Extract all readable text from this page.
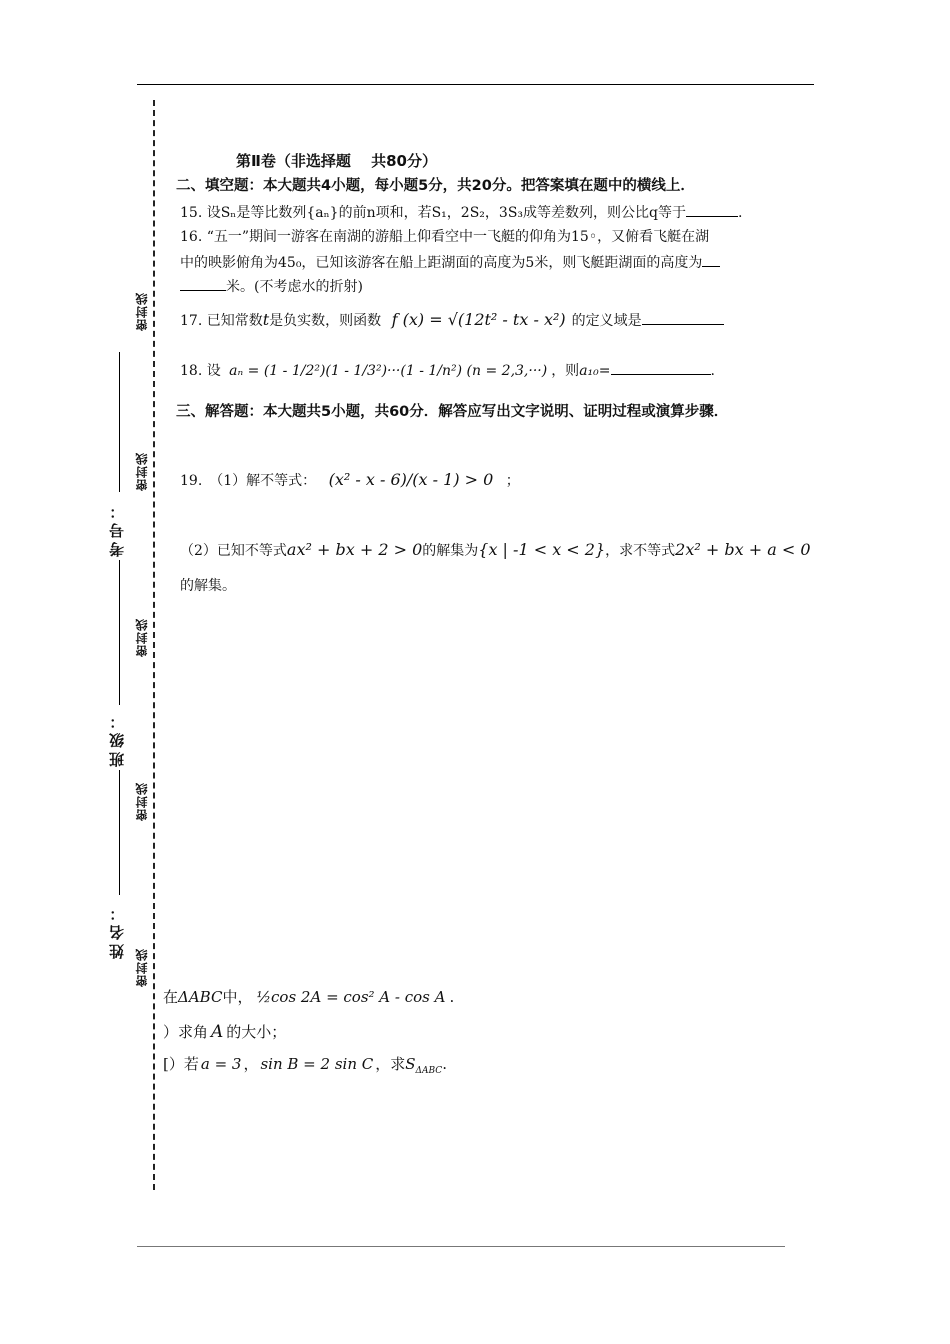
密封线
密封线
密封线
密封线
密封线
考号：
班级：
姓名：
第Ⅱ卷（非选择题　 共80分）
二、填空题：本大题共4小题，每小题5分，共20分。把答案填在题中的横线上．
15. 设Sₙ是等比数列{aₙ}的前n项和，若S₁，2S₂，3S₃成等差数列，则公比q等于	.
16. “五一”期间一游客在南湖的游船上仰看空中一飞艇的仰角为15◦，又俯看飞艇在湖
中的映影俯角为45₀，已知该游客在船上距湖面的高度为5米，则飞艇距湖面的高度为
米。(不考虑水的折射)
17. 已知常数t是负实数，则函数 f (x) = √(12t² - tx - x²) 的定义域是
18. 设 aₙ = (1 - 1/2²)(1 - 1/3²)···(1 - 1/n²) (n = 2,3,···) ，则a₁₀=	.
三、解答题：本大题共5小题，共60分．解答应写出文字说明、证明过程或演算步骤．
19.　（1）解不等式： (x² - x - 6)/(x - 1) > 0 ；
（2）已知不等式ax² + bx + 2 > 0的解集为{x | -1 < x < 2}，求不等式2x² + bx + a < 0
的解集。
在ΔABC中， ½cos 2A = cos² A - cos A .
）求角 A 的大小；
[）若 a = 3 ， sin B = 2 sin C ，求$S_{\Delta ABC}$.
